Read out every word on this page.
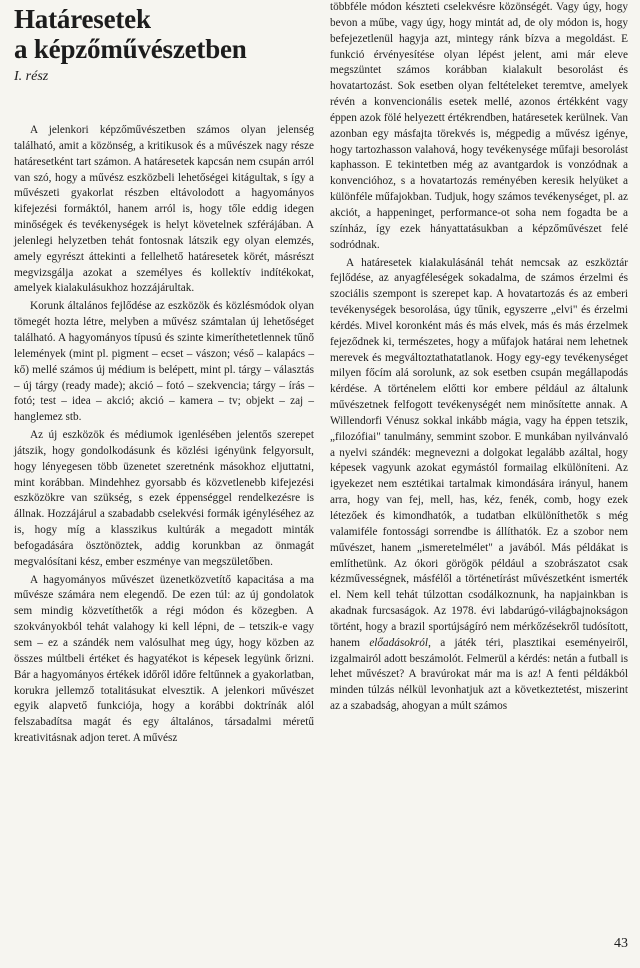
Határesetek
a képzőművészetben
I. rész

A jelenkori képzőművészetben számos olyan jelenség található, amit a közönség, a kritikusok és a művészek nagy része határesetként tart számon. A határesetek kapcsán nem csupán arról van szó, hogy a művész eszközbeli lehetőségei kitágultak, s így a művészeti gyakorlat részben eltávolodott a hagyományos kifejezési formáktól, hanem arról is, hogy tőle eddig idegen minőségek és tevékenységek is helyt követelnek szférájában. A jelenlegi helyzetben tehát fontosnak látszik egy olyan elemzés, amely egyrészt áttekinti a fellelhető határesetek körét, másrészt megvizsgálja azokat a személyes és kollektív indítékokat, amelyek kialakulásukhoz hozzájárultak.

Korunk általános fejlődése az eszközök és közlésmódok olyan tömegét hozta létre, melyben a művész számtalan új lehetőséget található. A hagyományos típusú és szinte kimeríthetetlennek tűnő lelemények (mint pl. pigment – ecset – vászon; véső – kalapács – kő) mellé számos új médium is belépett, mint pl. tárgy – választás – új tárgy (ready made); akció – fotó – szekvencia; tárgy – írás – fotó; test – idea – akció; akció – kamera – tv; objekt – zaj – hanglemez stb.

Az új eszközök és médiumok igenlésében jelentős szerepet játszik, hogy gondolkodásunk és közlési igényünk felgyorsult, hogy lényegesen több üzenetet szeretnénk másokhoz eljuttatni, mint korábban. Mindehhez gyorsabb és közvetlenebb kifejezési eszközökre van szükség, s ezek éppenséggel rendelkezésre is állnak. Hozzájárul a szabadabb cselekvési formák igényléséhez az is, hogy míg a klasszikus kultúrák a megadott minták befogadására ösztönöztek, addig korunkban az önmagát megvalósítani kész, ember eszménye van megszületőben.

A hagyományos művészet üzenetközvetítő kapacitása a ma művésze számára nem elegendő. De ezen túl: az új gondolatok sem mindig közvetíthetők a régi módon és közegben. A szokványokból tehát valahogy ki kell lépni, de – tetszik-e vagy sem – ez a szándék nem valósulhat meg úgy, hogy közben az összes múltbeli értéket és hagyatékot is képesek legyünk őrizni. Bár a hagyományos értékek időről időre feltűnnek a gyakorlatban, korukra jellemző totalitásukat elvesztik. A jelenkori művészet egyik alapvető funkciója, hogy a korábbi doktrínák alól felszabadítsa magát és egy általános, társadalmi méretű kreativitásnak adjon teret. A művész

többféle módon készteti cselekvésre közönségét. Vagy úgy, hogy bevon a műbe, vagy úgy, hogy mintát ad, de oly módon is, hogy befejezetlenül hagyja azt, mintegy ránk bízva a megoldást. E funkció érvényesítése olyan lépést jelent, ami már eleve megszüntet számos korábban kialakult besorolást és hovatartozást. Sok esetben olyan feltételeket teremtve, amelyek révén a konvencionális esetek mellé, azonos értékként vagy éppen azok fölé helyezett értékrendben, határesetek kerülnek. Van azonban egy másfajta törekvés is, mégpedig a művész igénye, hogy tartozhasson valahová, hogy tevékenysége műfaji besorolást kaphasson. E tekintetben még az avantgardok is vonzódnak a konvencióhoz, s a hovatartozás reményében keresik helyüket a különféle műfajokban. Tudjuk, hogy számos tevékenységet, pl. az akciót, a happeninget, performance-ot soha nem fogadta be a színház, így ezek hányattatásukban a képzőművészet felé sodródnak.

A határesetek kialakulásánál tehát nemcsak az eszköztár fejlődése, az anyagféleségek sokadalma, de számos érzelmi és szociális szempont is szerepet kap. A hovatartozás és az emberi tevékenységek besorolása, úgy tűnik, egyszerre „elvi" és érzelmi kérdés. Mivel koronként más és más elvek, más és más érzelmek fejeződnek ki, természetes, hogy a műfajok határai nem lehetnek merevek és megváltoztathatatlanok. Hogy egy-egy tevékenységet milyen főcím alá sorolunk, az sok esetben csupán megállapodás kérdése. A történelem előtti kor embere például az általunk művészetnek felfogott tevékenységét nem minősítette annak. A Willendorfi Vénusz sokkal inkább mágia, vagy ha éppen tetszik, „filozófiai" tanulmány, semmint szobor. E munkában nyilvánvaló a nyelvi szándék: megnevezni a dolgokat legalább azáltal, hogy képesek vagyunk azokat egymástól formailag elkülöníteni. Az igyekezet nem esztétikai tartalmak kimondására irányul, hanem arra, hogy van fej, mell, has, kéz, fenék, comb, hogy ezek létezőek és kimondhatók, a tudatban elkülöníthetők s még valamiféle fontossági sorrendbe is állíthatók. Ez a szobor nem művészet, hanem „ismeretelmélet" a javából. Más példákat is említhetünk. Az ókori görögök például a szobrászatot csak kézművességnek, másfélől a történetírást művészetként ismerték el. Nem kell tehát túlzottan csodálkoznunk, ha napjainkban is akadnak furcsaságok. Az 1978. évi labdarúgó-világbajnokságon történt, hogy a brazil sportújságíró nem mérkőzésekről tudósított, hanem előadásokról, a játék téri, plasztikai eseményeiről, izgalmairól adott beszámolót. Felmerül a kérdés: netán a futball is lehet művészet? A bravúrokat már ma is az! A fenti példákból minden túlzás nélkül levonhatjuk azt a következtetést, miszerint az a szabadság, ahogyan a múlt számos

43
